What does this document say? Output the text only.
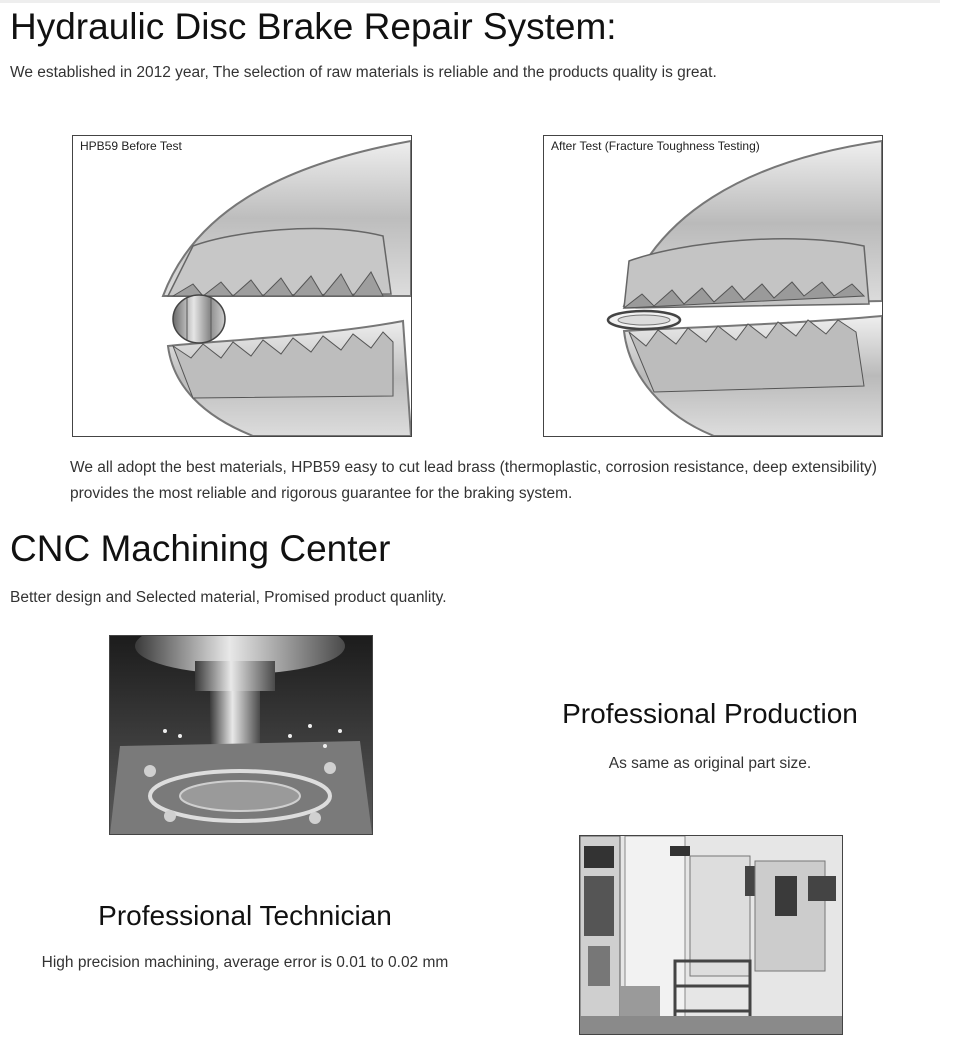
Hydraulic Disc Brake Repair System:

We established in 2012 year, The selection of raw materials is reliable and the products quality is great.

HPB59 Before Test	After Test (Fracture Toughness Testing)

We all adopt the best materials, HPB59 easy to cut lead brass (thermoplastic, corrosion resistance, deep extensibility) provides the most reliable and rigorous guarantee for the braking system.

CNC Machining Center

Better design and Selected material, Promised product quanlity.

Professional Production

As same as original part size.

Professional Technician

High precision machining, average error is 0.01 to 0.02 mm
